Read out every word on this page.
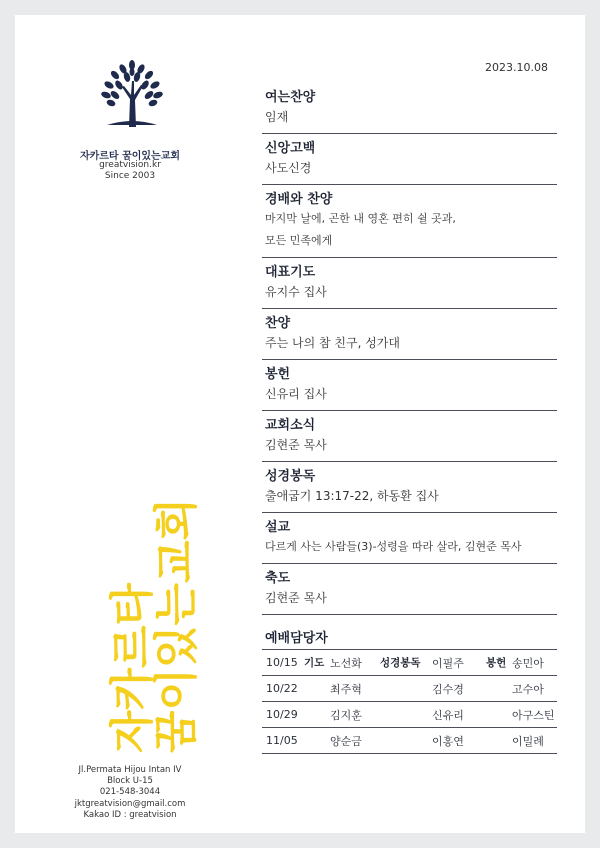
2023.10.08
자카르타 꿈이있는교회
greatvision.kr
Since 2003
자카르타
꿈이있는교회
Jl.Permata Hijou Intan IV
Block U-15
021-548-3044
jktgreatvision@gmail.com
Kakao ID : greatvision
여는찬양
임재
신앙고백
사도신경
경배와 찬양
마지막 날에, 곤한 내 영혼 편히 쉴 곳과,
모든 민족에게
대표기도
유지수 집사
찬양
주는 나의 참 친구, 성가대
봉헌
신유리 집사
교회소식
김현준 목사
성경봉독
출애굽기 13:17-22, 하동환 집사
설교
다르게 사는 사람들(3)-성령을 따라 살라, 김현준 목사
축도
김현준 목사
예배담당자
10/15	기도	노선화	성경봉독	이필주	봉헌	송민아
10/22		최주혁		김수경		고수아
10/29		김지훈		신유리		아구스틴
11/05		양순금		이홍연		이밀례
